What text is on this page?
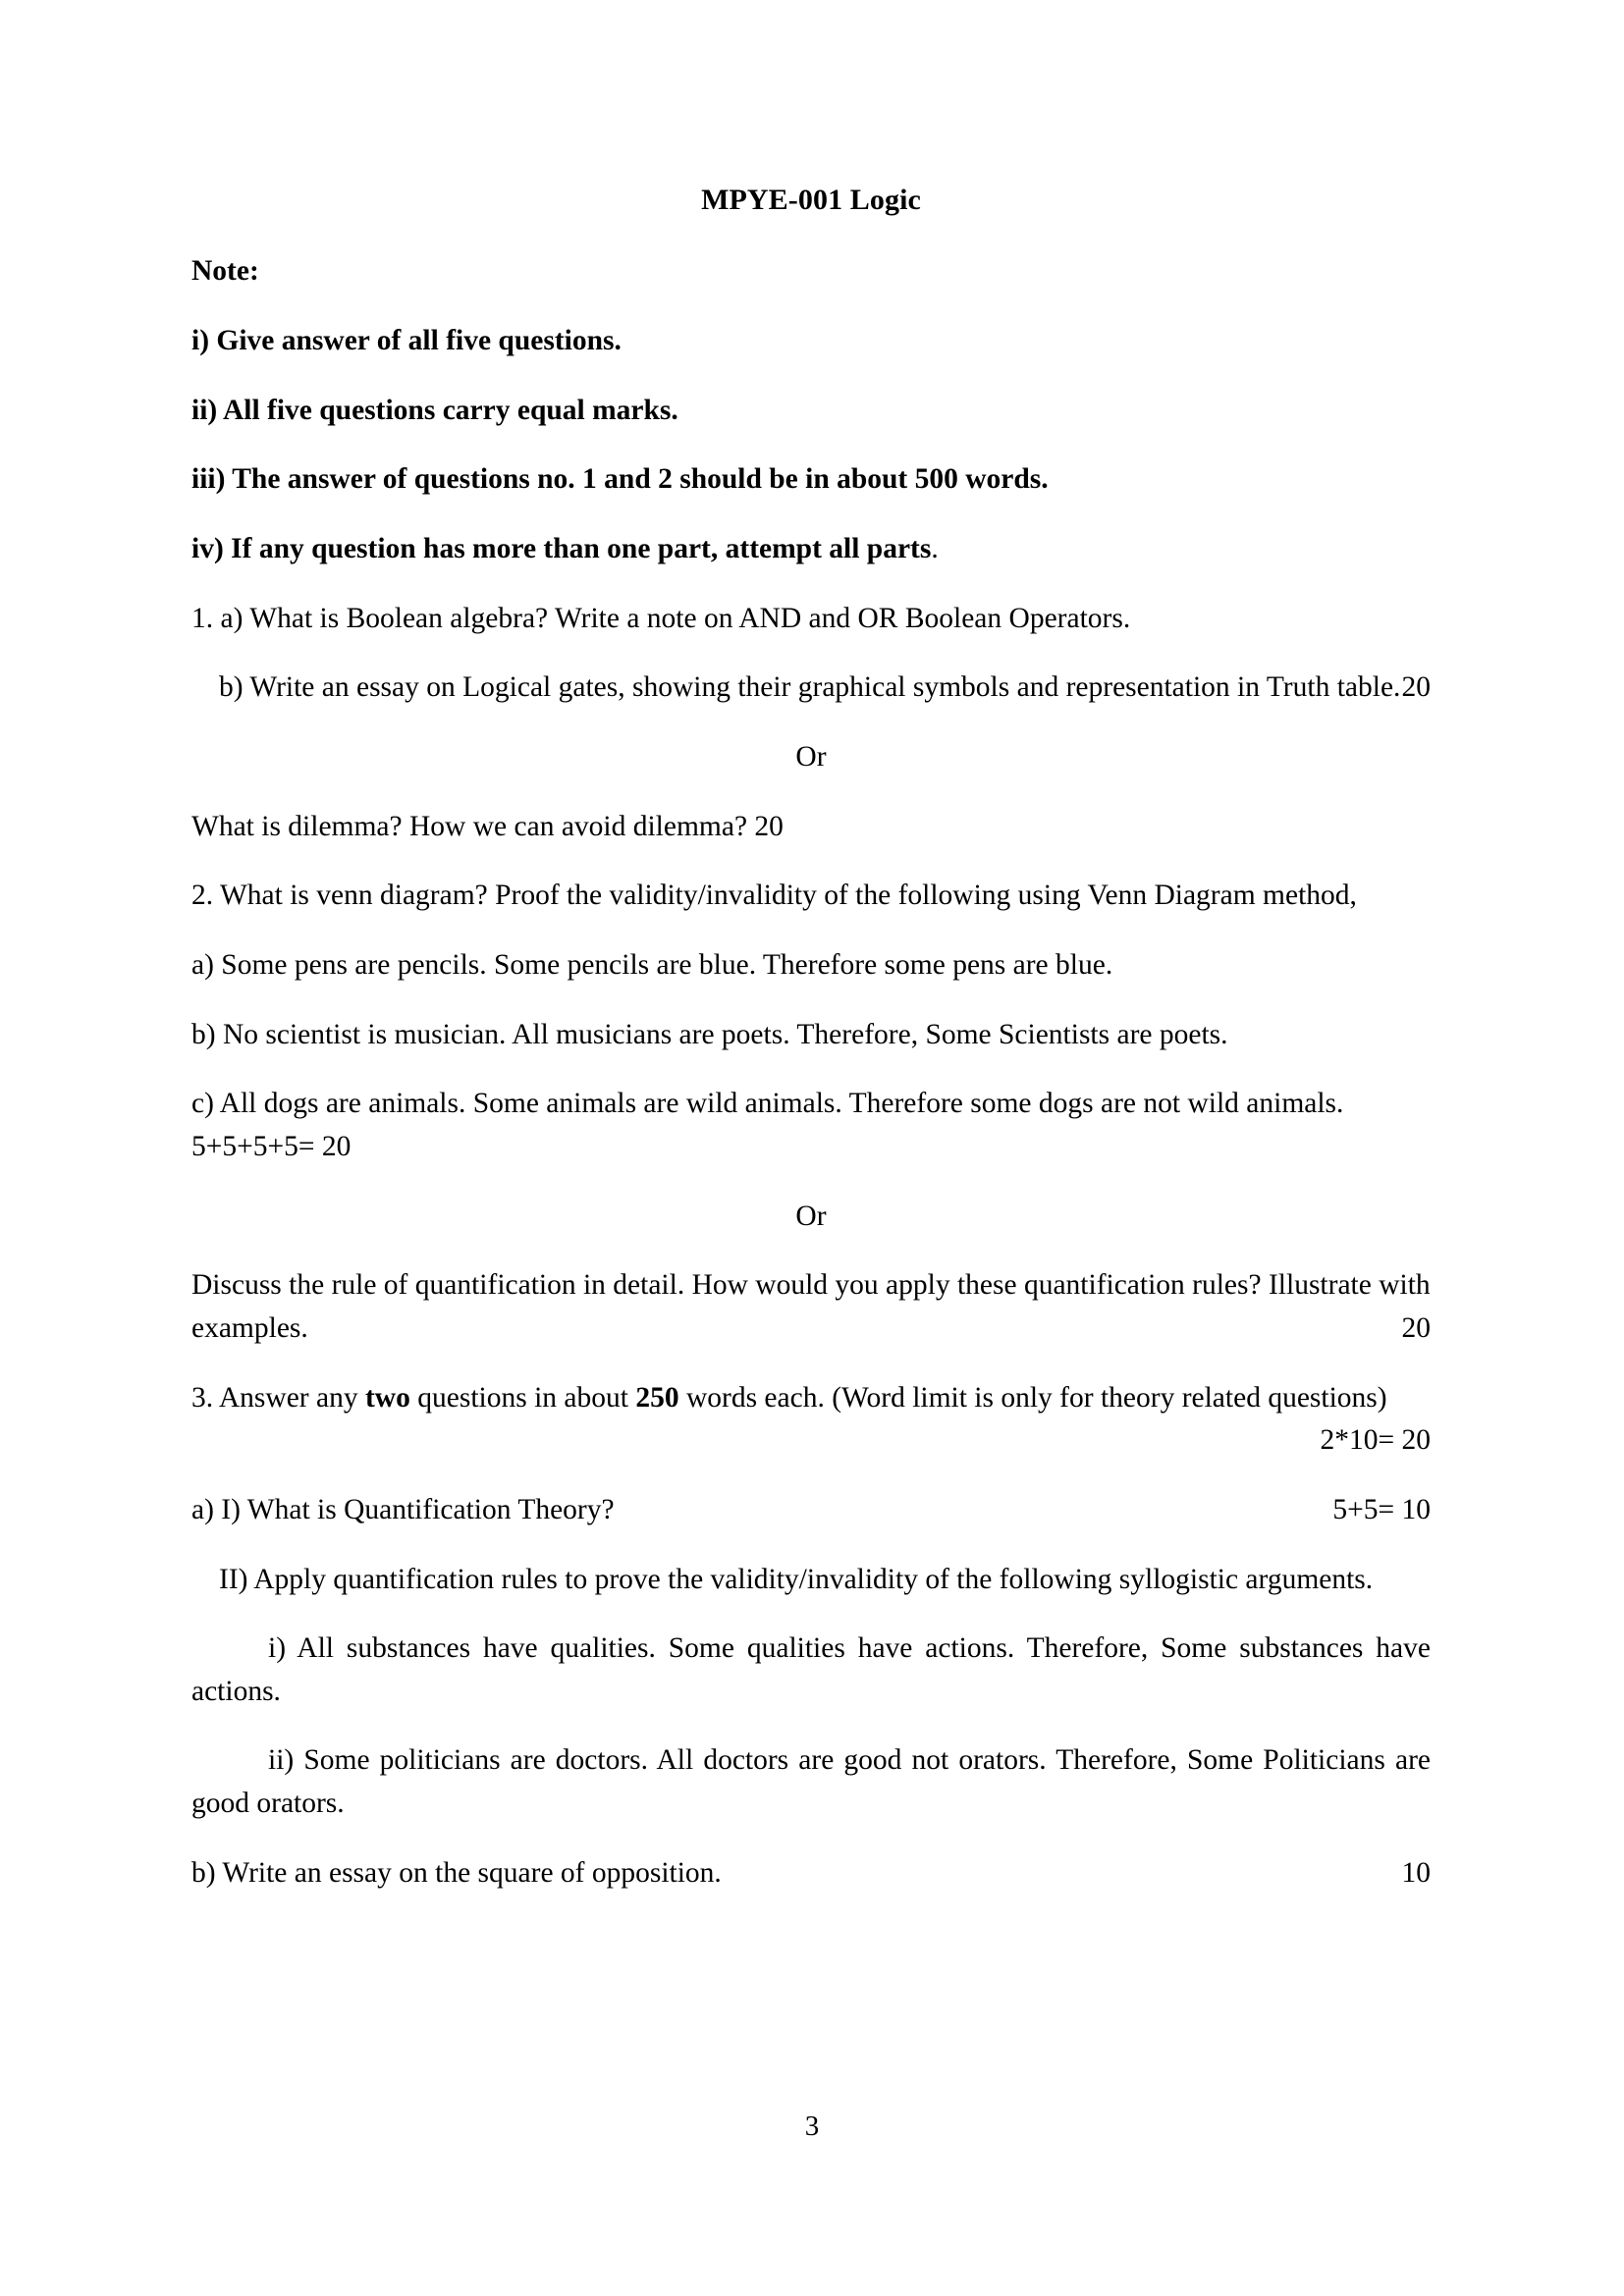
MPYE-001 Logic

Note:

i) Give answer of all five questions.

ii) All five questions carry equal marks.

iii) The answer of questions no. 1 and 2 should be in about 500 words.

iv) If any question has more than one part, attempt all parts.

1. a) What is Boolean algebra? Write a note on AND and OR Boolean Operators.

b) Write an essay on Logical gates, showing their graphical symbols and representation in Truth table. 20

Or

What is dilemma? How we can avoid dilemma? 20

2. What is venn diagram? Proof the validity/invalidity of the following using Venn Diagram method,

a) Some pens are pencils. Some pencils are blue. Therefore some pens are blue.

b) No scientist is musician. All musicians are poets. Therefore, Some Scientists are poets.

c) All dogs are animals. Some animals are wild animals. Therefore some dogs are not wild animals. 5+5+5+5= 20

Or

Discuss the rule of quantification in detail. How would you apply these quantification rules? Illustrate with examples.	20

3. Answer any two questions in about 250 words each. (Word limit is only for theory related questions)
2*10= 20

a) I) What is Quantification Theory?	5+5= 10

II) Apply quantification rules to prove the validity/invalidity of the following syllogistic arguments.

i) All substances have qualities. Some qualities have actions. Therefore, Some substances have actions.

ii) Some politicians are doctors. All doctors are good not orators. Therefore, Some Politicians are good orators.

b) Write an essay on the square of opposition.	10

3
